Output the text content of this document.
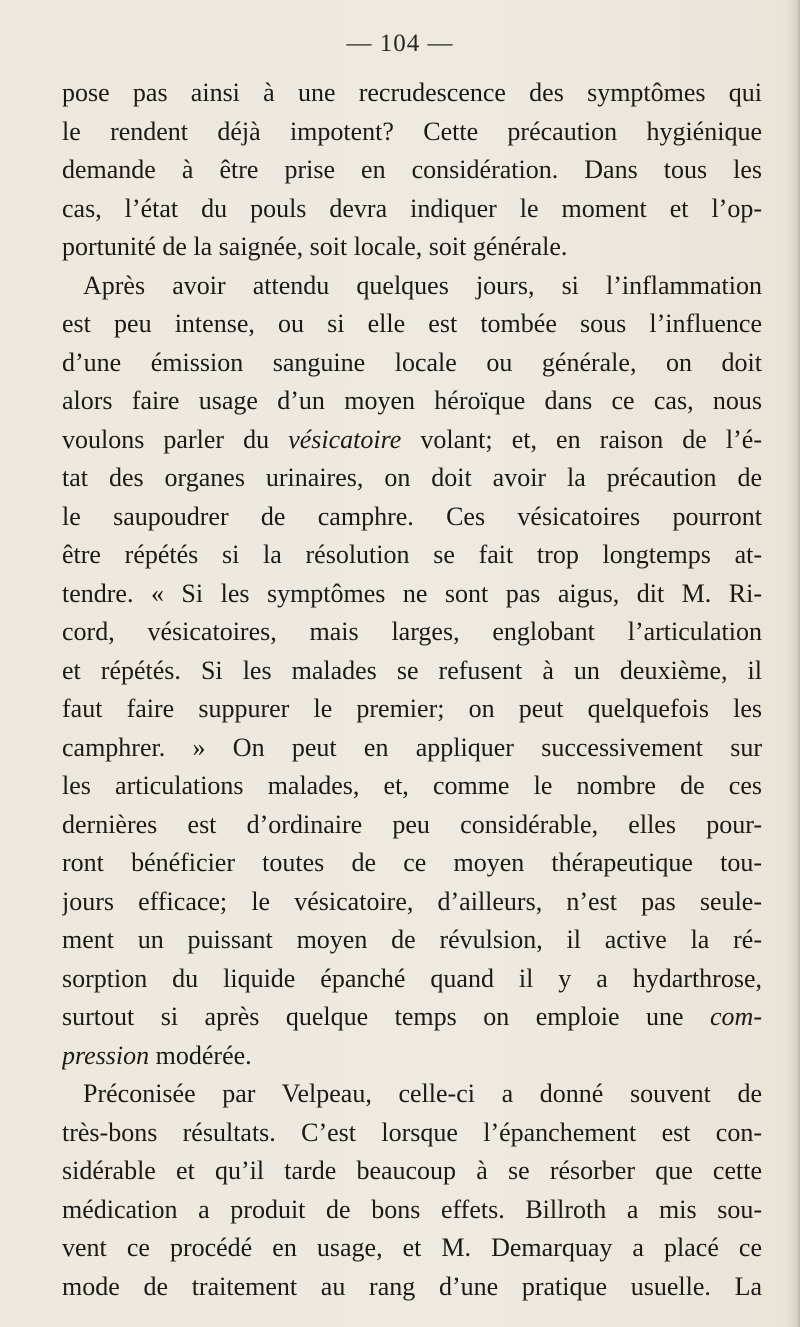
— 104 —
pose pas ainsi à une recrudescence des symptômes qui
le rendent déjà impotent? Cette précaution hygiénique
demande à être prise en considération. Dans tous les
cas, l’état du pouls devra indiquer le moment et l’op-
portunité de la saignée, soit locale, soit générale.
Après avoir attendu quelques jours, si l’inflammation
est peu intense, ou si elle est tombée sous l’influence
d’une émission sanguine locale ou générale, on doit
alors faire usage d’un moyen héroïque dans ce cas, nous
voulons parler du vésicatoire volant; et, en raison de l’é-
tat des organes urinaires, on doit avoir la précaution de
le saupoudrer de camphre. Ces vésicatoires pourront
être répétés si la résolution se fait trop longtemps at-
tendre. « Si les symptômes ne sont pas aigus, dit M. Ri-
cord, vésicatoires, mais larges, englobant l’articulation
et répétés. Si les malades se refusent à un deuxième, il
faut faire suppurer le premier; on peut quelquefois les
camphrer. » On peut en appliquer successivement sur
les articulations malades, et, comme le nombre de ces
dernières est d’ordinaire peu considérable, elles pour-
ront bénéficier toutes de ce moyen thérapeutique tou-
jours efficace; le vésicatoire, d’ailleurs, n’est pas seule-
ment un puissant moyen de révulsion, il active la ré-
sorption du liquide épanché quand il y a hydarthrose,
surtout si après quelque temps on emploie une com-
pression modérée.
Préconisée par Velpeau, celle-ci a donné souvent de
très-bons résultats. C’est lorsque l’épanchement est con-
sidérable et qu’il tarde beaucoup à se résorber que cette
médication a produit de bons effets. Billroth a mis sou-
vent ce procédé en usage, et M. Demarquay a placé ce
mode de traitement au rang d’une pratique usuelle. La
